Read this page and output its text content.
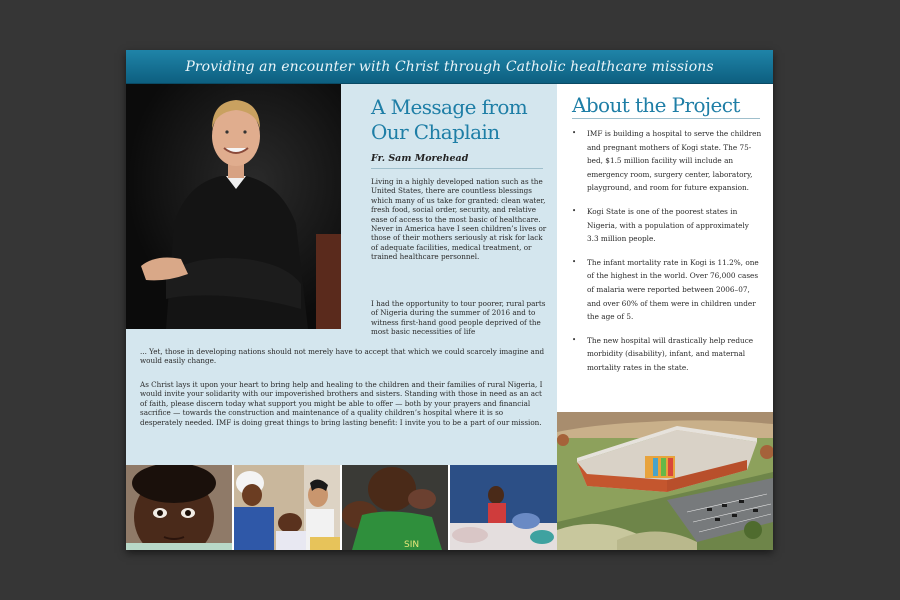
Providing an encounter with Christ through Catholic healthcare missions
A Message from
Our Chaplain
Fr. Sam Morehead

Living in a highly developed nation such as the United States, there are countless blessings which many of us take for granted: clean water, fresh food, social order, security, and relative ease of access to the most basic of healthcare. Never in America have I seen children’s lives or those of their mothers seriously at risk for lack of adequate facilities, medical treatment, or trained healthcare personnel.

I had the opportunity to tour poorer, rural parts of Nigeria during the summer of 2016 and to witness first-hand good people deprived of the most basic necessities of life

... Yet, those in developing nations should not merely have to accept that which we could scarcely imagine and would easily change.

As Christ lays it upon your heart to bring help and healing to the children and their families of rural Nigeria, I would invite your solidarity with our impoverished brothers and sisters. Standing with those in need as an act of faith, please discern today what support you might be able to offer — both by your prayers and financial sacrifice — towards the construction and maintenance of a quality children’s hospital where it is so desperately needed. IMF is doing great things to bring lasting benefit: I invite you to be a part of our mission.

About the Project
• IMF is building a hospital to serve the children and pregnant mothers of Kogi state. The 75-bed, $1.5 million facility will include an emergency room, surgery center, laboratory, playground, and room for future expansion.
• Kogi State is one of the poorest states in Nigeria, with a population of approximately 3.3 million people.
• The infant mortality rate in Kogi is 11.2%, one of the highest in the world. Over 76,000 cases of malaria were reported between 2006–07, and over 60% of them were in children under the age of 5.
• The new hospital will drastically help reduce morbidity (disability), infant, and maternal mortality rates in the state.
SIN
